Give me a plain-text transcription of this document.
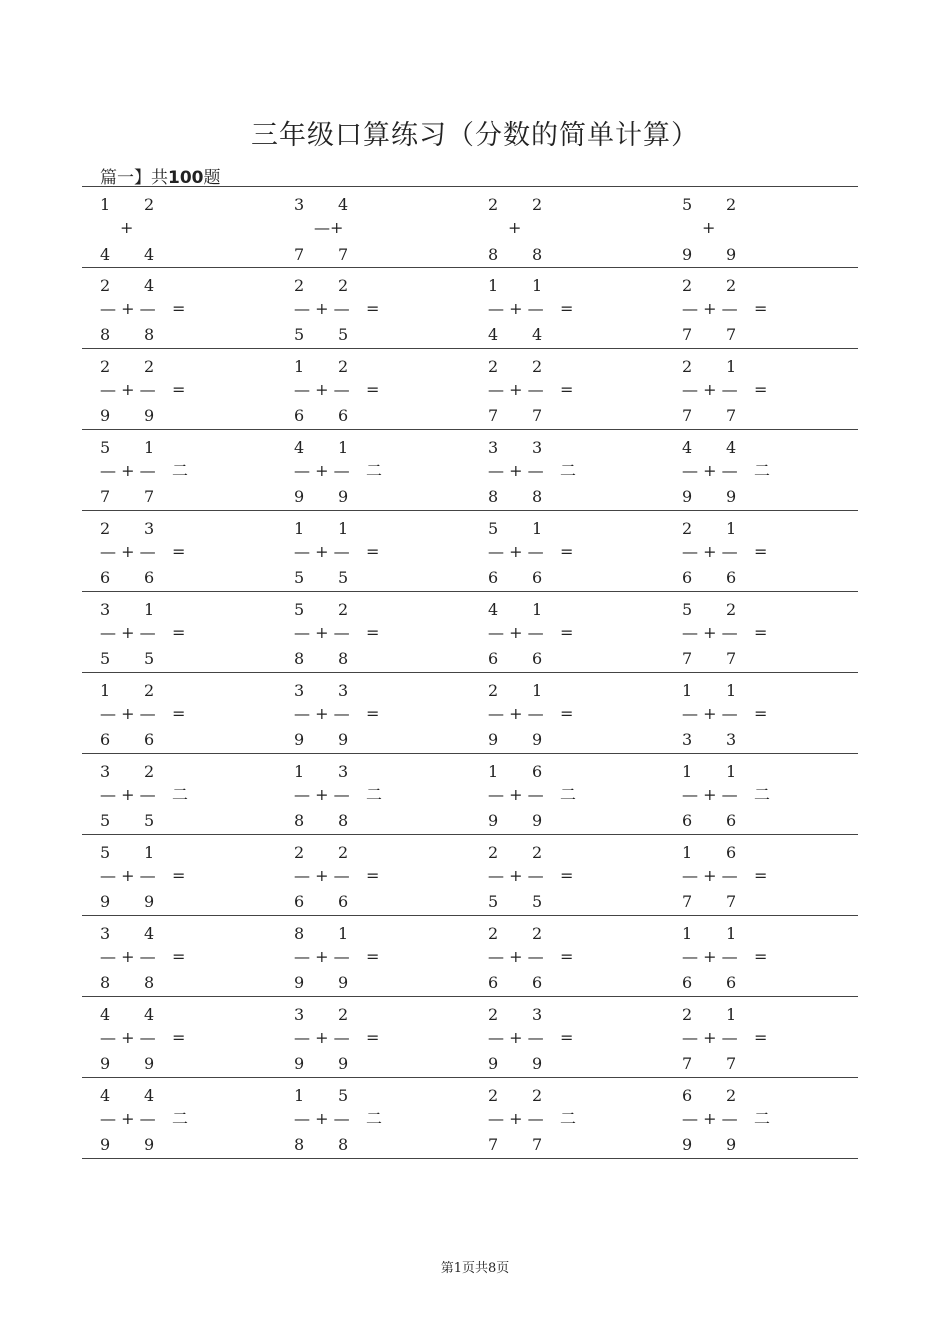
三年级口算练习（分数的简单计算）
篇一】共100题
1 2
4 4
+
3 4
7 7
—+
2 2
8 8
+
5 2
9 9
+
2 4
8 8
— + — =
2 2
5 5
— + — =
1 1
4 4
— + — =
2 2
7 7
— + — =
2 2
9 9
— + — =
1 2
6 6
— + — =
2 2
7 7
— + — =
2 1
7 7
— + — =
5 1
7 7
— + — 二
4 1
9 9
— + — 二
3 3
8 8
— + — 二
4 4
9 9
— + — 二
2 3
6 6
— + — =
1 1
5 5
— + — =
5 1
6 6
— + — =
2 1
6 6
— + — =
3 1
5 5
— + — =
5 2
8 8
— + — =
4 1
6 6
— + — =
5 2
7 7
— + — =
1 2
6 6
— + — =
3 3
9 9
— + — =
2 1
9 9
— + — =
1 1
3 3
— + — =
3 2
5 5
— + — 二
1 3
8 8
— + — 二
1 6
9 9
— + — 二
1 1
6 6
— + — 二
5 1
9 9
— + — =
2 2
6 6
— + — =
2 2
5 5
— + — =
1 6
7 7
— + — =
3 4
8 8
— + — =
8 1
9 9
— + — =
2 2
6 6
— + — =
1 1
6 6
— + — =
4 4
9 9
— + — =
3 2
9 9
— + — =
2 3
9 9
— + — =
2 1
7 7
— + — =
4 4
9 9
— + — 二
1 5
8 8
— + — 二
2 2
7 7
— + — 二
6 2
9 9
— + — 二
第1页共8页
